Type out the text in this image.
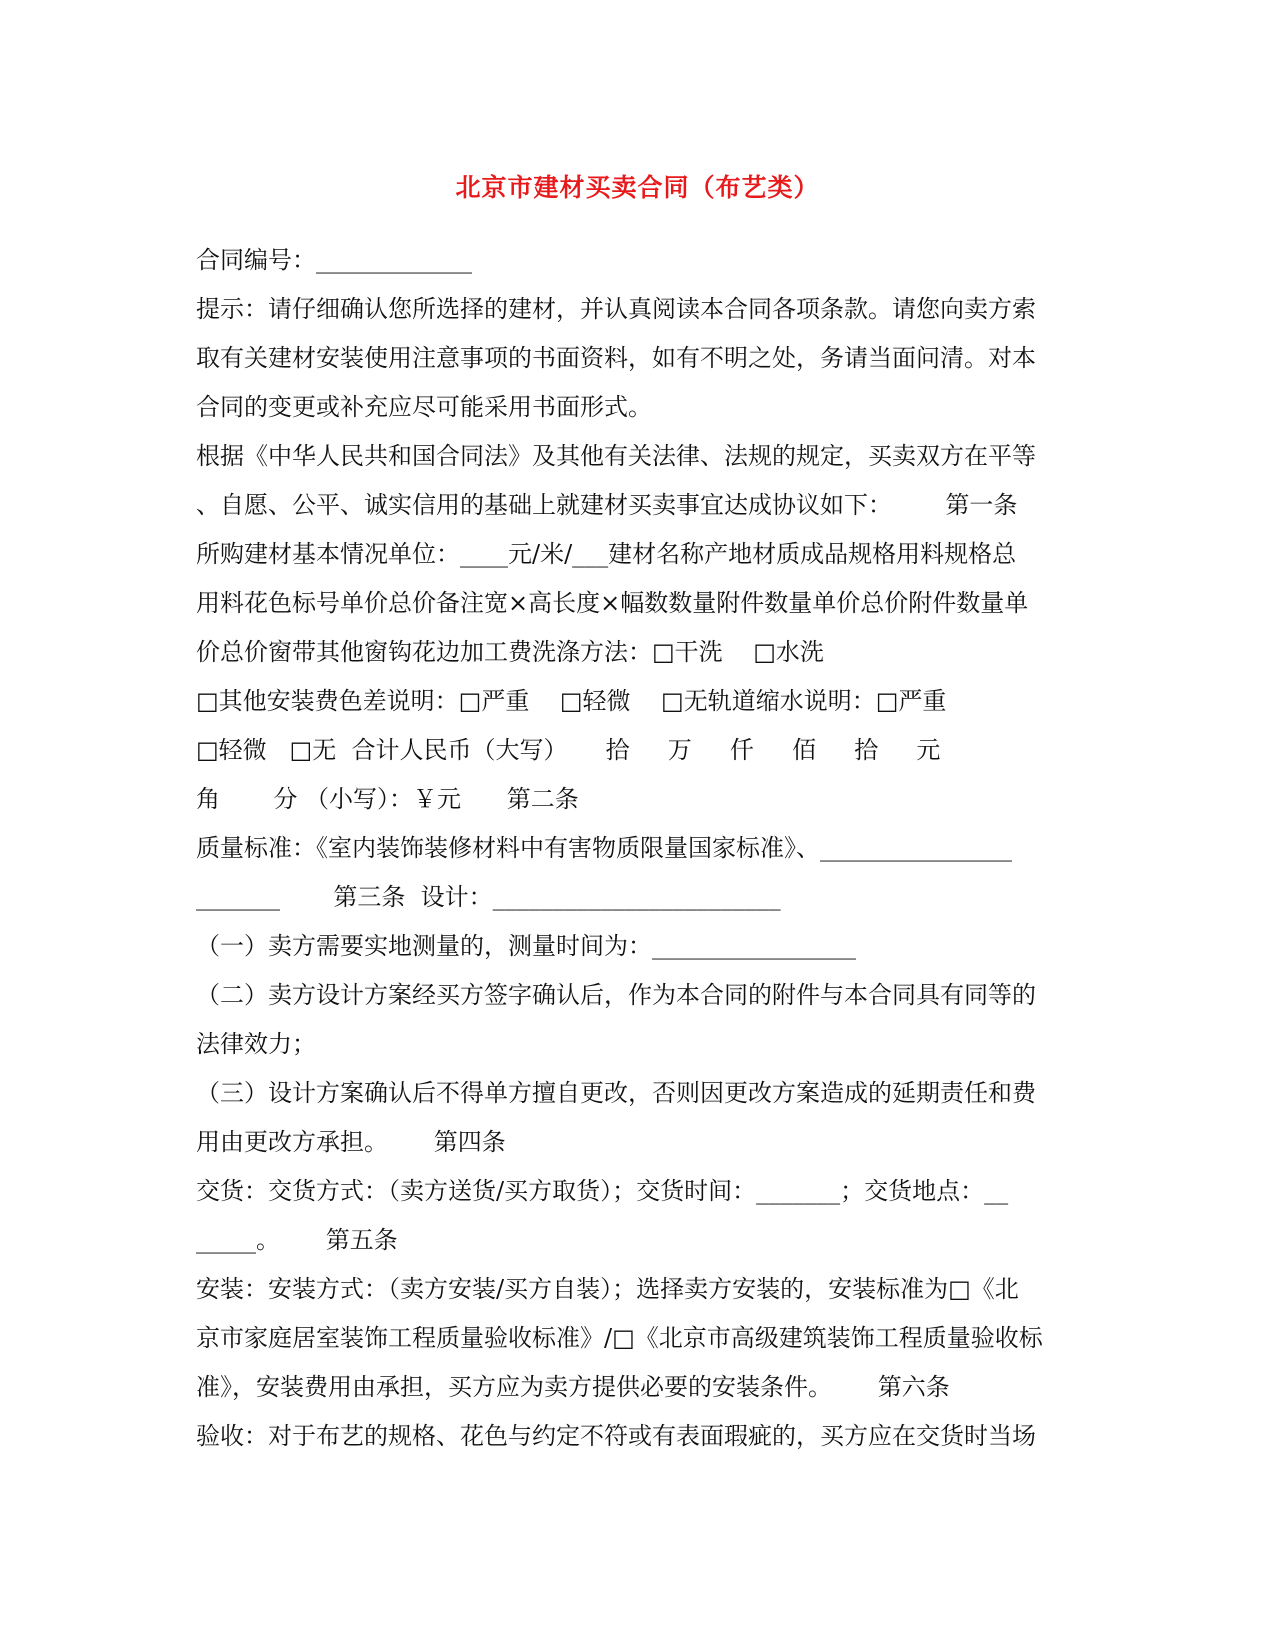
北京市建材买卖合同（布艺类）
合同编号：_____________
提示：请仔细确认您所选择的建材，并认真阅读本合同各项条款。请您向卖方索
取有关建材安装使用注意事项的书面资料，如有不明之处，务请当面问清。对本
合同的变更或补充应尽可能采用书面形式。
根据《中华人民共和国合同法》及其他有关法律、法规的规定，买卖双方在平等
、自愿、公平、诚实信用的基础上就建材买卖事宜达成协议如下：       第一条
所购建材基本情况单位：____元/米/___建材名称产地材质成品规格用料规格总
用料花色标号单价总价备注宽×高长度×幅数数量附件数量单价总价附件数量单
价总价窗带其他窗钩花边加工费洗涤方法：□干洗    □水洗
□其他安装费色差说明：□严重    □轻微    □无轨道缩水说明：□严重
□轻微   □无  合计人民币（大写）     拾     万     仟     佰     拾     元
角       分 （小写）：￥元      第二条
质量标准：《室内装饰装修材料中有害物质限量国家标准》、________________
_______       第三条  设计：________________________
（一）卖方需要实地测量的，测量时间为：_________________
（二）卖方设计方案经买方签字确认后，作为本合同的附件与本合同具有同等的
法律效力；
（三）设计方案确认后不得单方擅自更改，否则因更改方案造成的延期责任和费
用由更改方承担。      第四条
交货：交货方式：（卖方送货/买方取货）；交货时间：_______；交货地点：__
_____。      第五条
安装：安装方式：（卖方安装/买方自装）；选择卖方安装的，安装标准为□《北
京市家庭居室装饰工程质量验收标准》/□《北京市高级建筑装饰工程质量验收标
准》，安装费用由承担，买方应为卖方提供必要的安装条件。      第六条
验收：对于布艺的规格、花色与约定不符或有表面瑕疵的，买方应在交货时当场
